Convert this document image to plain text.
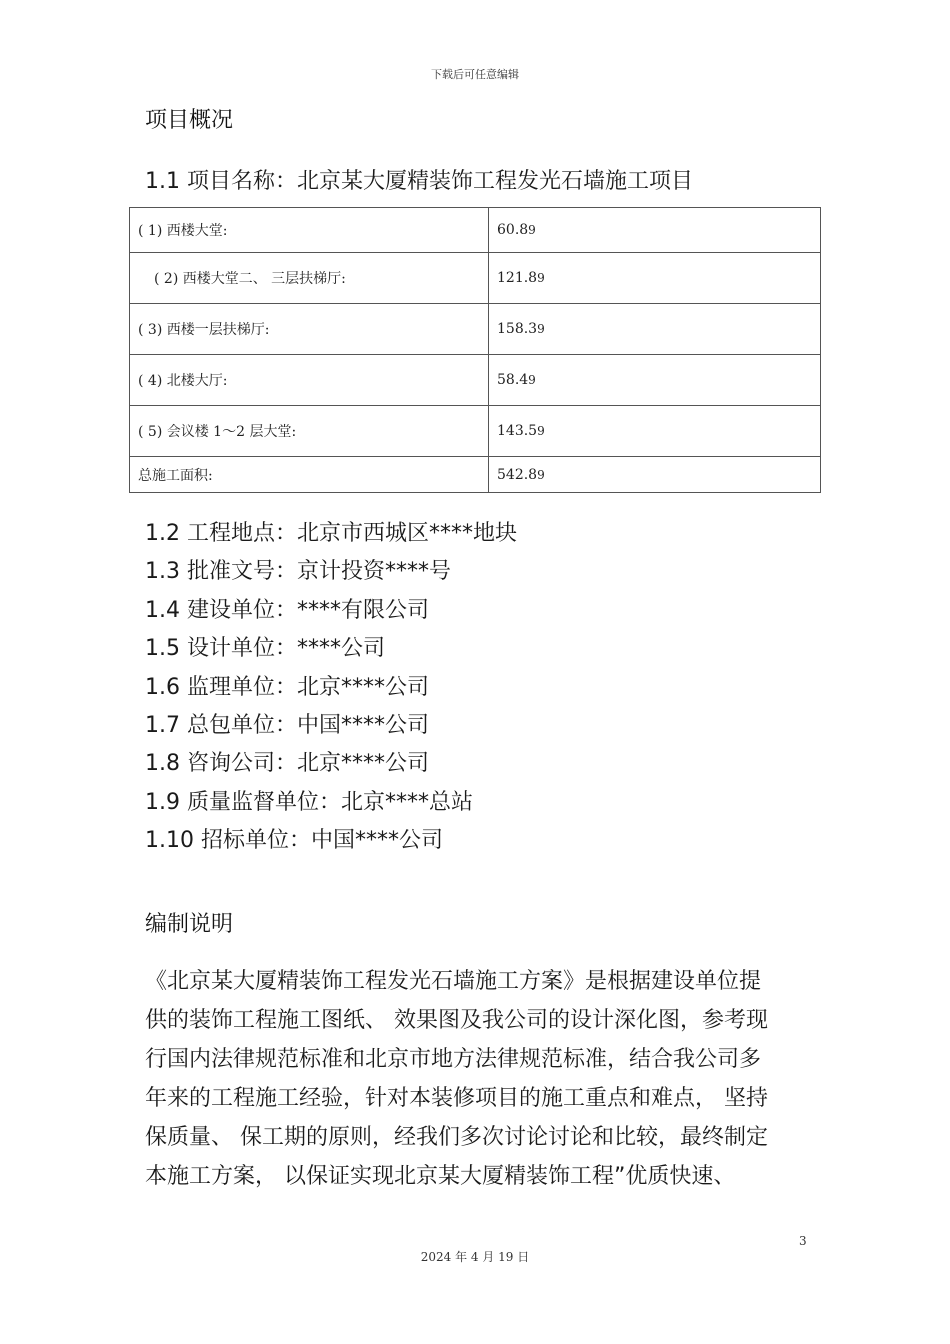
下载后可任意编辑
项目概况
1.1 项目名称：北京某大厦精装饰工程发光石墙施工项目
( 1) 西楼大堂:	60.89
( 2) 西楼大堂二、 三层扶梯厅:	121.89
( 3) 西楼一层扶梯厅:	158.39
( 4) 北楼大厅:	58.49
( 5) 会议楼 1～2 层大堂:	143.59
总施工面积:	542.89
1.2 工程地点：北京市西城区****地块
1.3 批准文号：京计投资****号
1.4 建设单位：****有限公司
1.5 设计单位：****公司
1.6 监理单位：北京****公司
1.7 总包单位：中国****公司
1.8 咨询公司：北京****公司
1.9 质量监督单位：北京****总站
1.10 招标单位：中国****公司
编制说明
《北京某大厦精装饰工程发光石墙施工方案》是根据建设单位提
供的装饰工程施工图纸、 效果图及我公司的设计深化图，参考现
行国内法律规范标准和北京市地方法律规范标准，结合我公司多
年来的工程施工经验，针对本装修项目的施工重点和难点， 坚持
保质量、 保工期的原则，经我们多次讨论讨论和比较，最终制定
本施工方案， 以保证实现北京某大厦精装饰工程”优质快速、
3
2024 年 4 月 19 日
